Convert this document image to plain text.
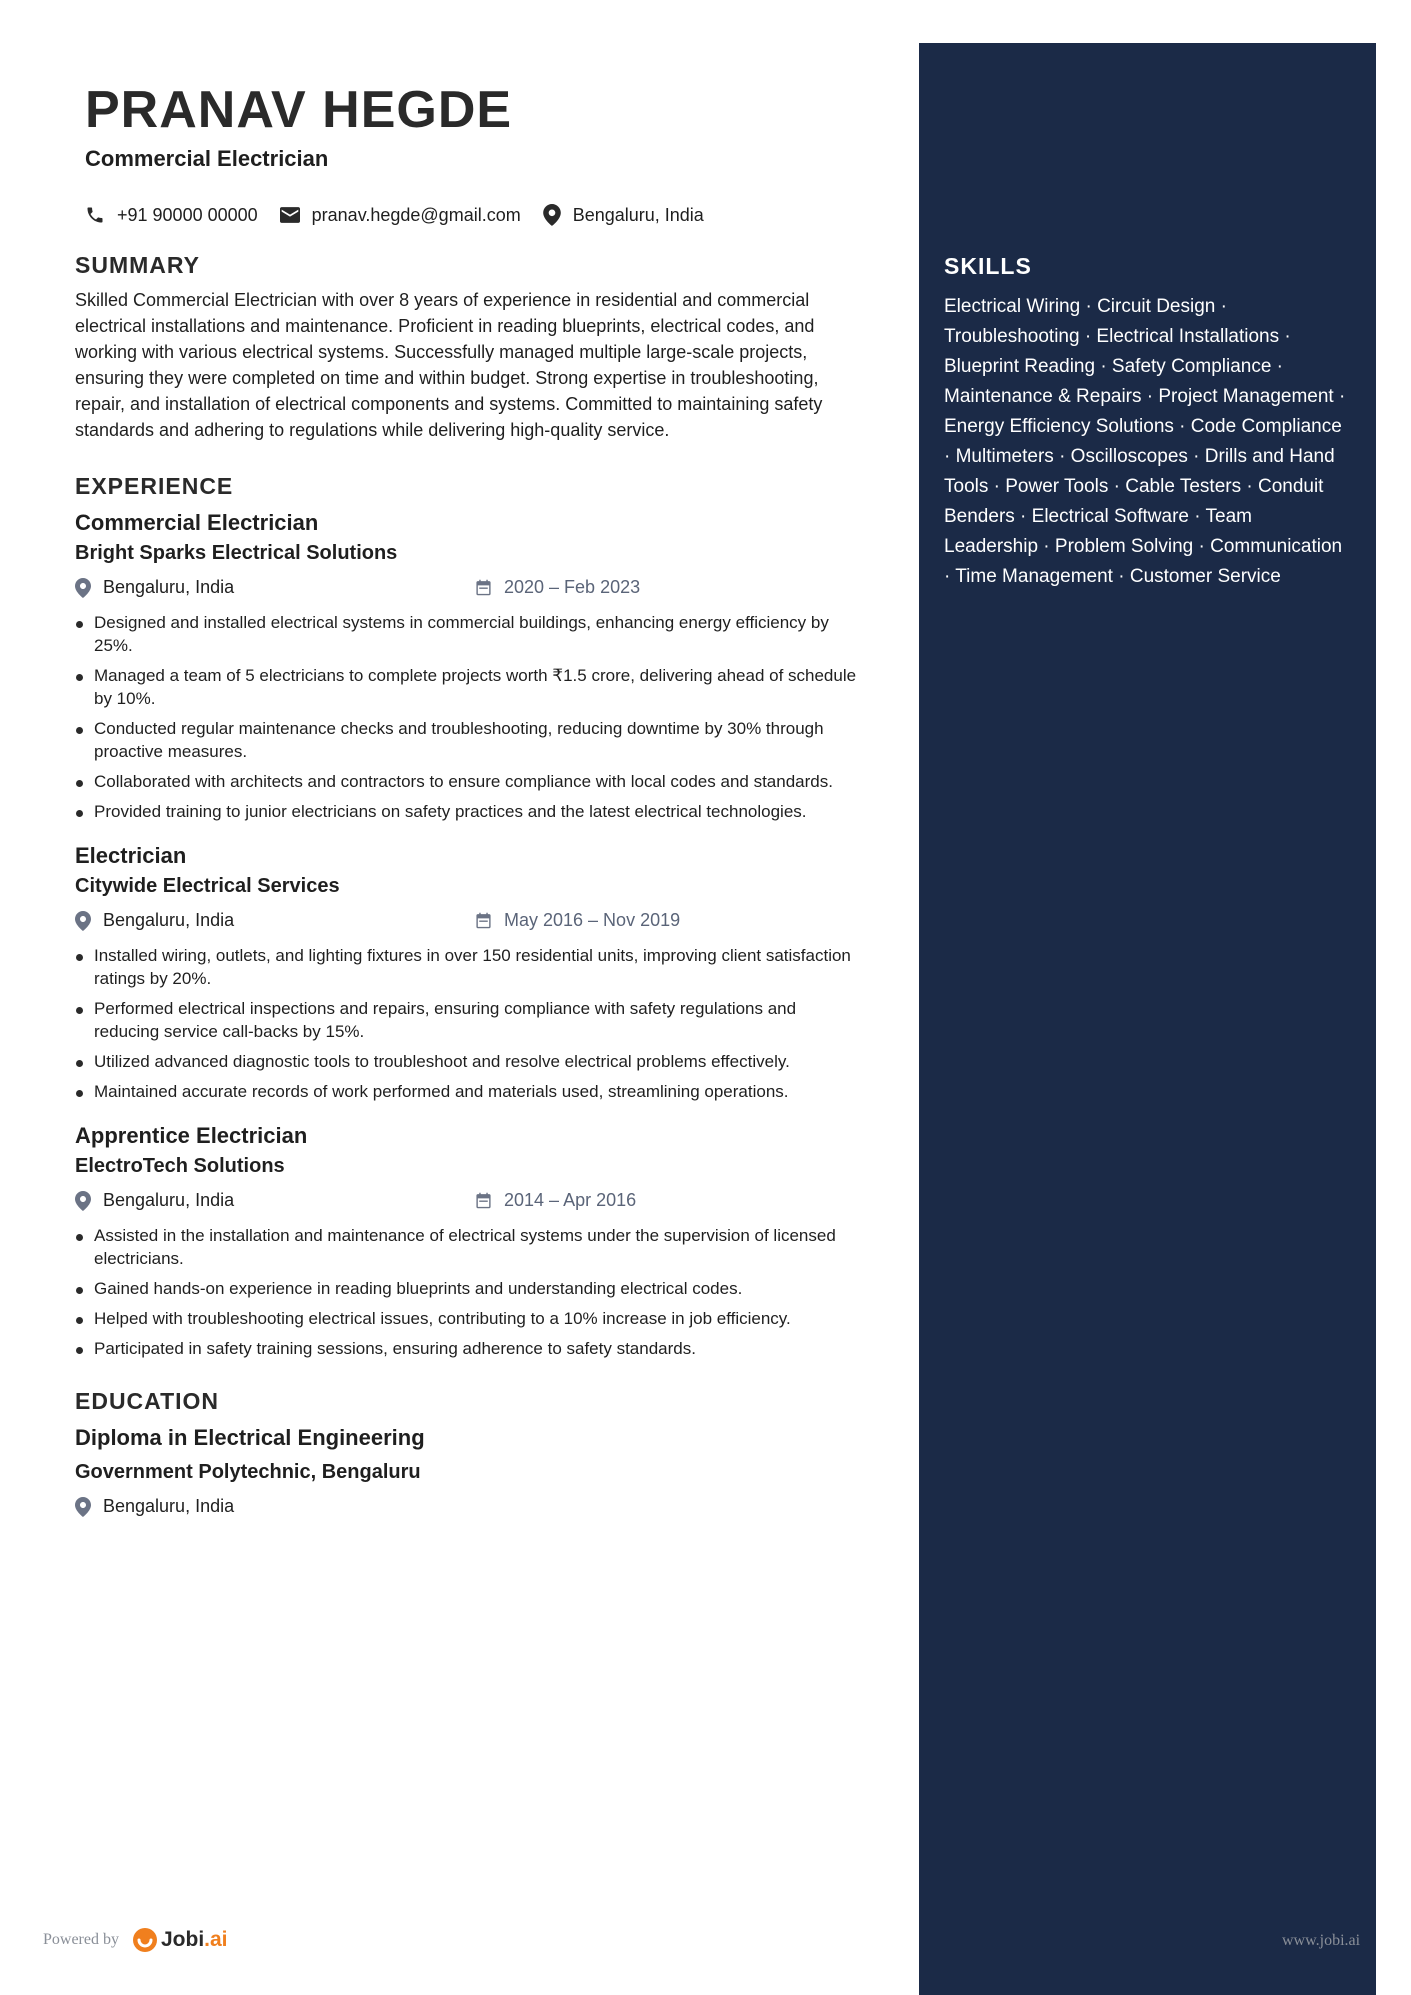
PRANAV HEGDE
Commercial Electrician
+91 90000 00000	pranav.hegde@gmail.com	Bengaluru, India
SUMMARY

Skilled Commercial Electrician with over 8 years of experience in residential and commercial electrical installations and maintenance. Proficient in reading blueprints, electrical codes, and working with various electrical systems. Successfully managed multiple large-scale projects, ensuring they were completed on time and within budget. Strong expertise in troubleshooting, repair, and installation of electrical components and systems. Committed to maintaining safety standards and adhering to regulations while delivering high-quality service.

EXPERIENCE
Commercial Electrician
Bright Sparks Electrical Solutions
Bengaluru, India	2020 – Feb 2023
Designed and installed electrical systems in commercial buildings, enhancing energy efficiency by 25%.
Managed a team of 5 electricians to complete projects worth ₹1.5 crore, delivering ahead of schedule by 10%.
Conducted regular maintenance checks and troubleshooting, reducing downtime by 30% through proactive measures.
Collaborated with architects and contractors to ensure compliance with local codes and standards.
Provided training to junior electricians on safety practices and the latest electrical technologies.
Electrician
Citywide Electrical Services
Bengaluru, India	May 2016 – Nov 2019
Installed wiring, outlets, and lighting fixtures in over 150 residential units, improving client satisfaction ratings by 20%.
Performed electrical inspections and repairs, ensuring compliance with safety regulations and reducing service call-backs by 15%.
Utilized advanced diagnostic tools to troubleshoot and resolve electrical problems effectively.
Maintained accurate records of work performed and materials used, streamlining operations.
Apprentice Electrician
ElectroTech Solutions
Bengaluru, India	2014 – Apr 2016
Assisted in the installation and maintenance of electrical systems under the supervision of licensed electricians.
Gained hands-on experience in reading blueprints and understanding electrical codes.
Helped with troubleshooting electrical issues, contributing to a 10% increase in job efficiency.
Participated in safety training sessions, ensuring adherence to safety standards.
EDUCATION
Diploma in Electrical Engineering
Government Polytechnic, Bengaluru
Bengaluru, India
SKILLS

Electrical Wiring · Circuit Design · Troubleshooting · Electrical Installations · Blueprint Reading · Safety Compliance · Maintenance & Repairs · Project Management · Energy Efficiency Solutions · Code Compliance · Multimeters · Oscilloscopes · Drills and Hand Tools · Power Tools · Cable Testers · Conduit Benders · Electrical Software · Team Leadership · Problem Solving · Communication · Time Management · Customer Service

Powered by Jobi .ai	www.jobi.ai
